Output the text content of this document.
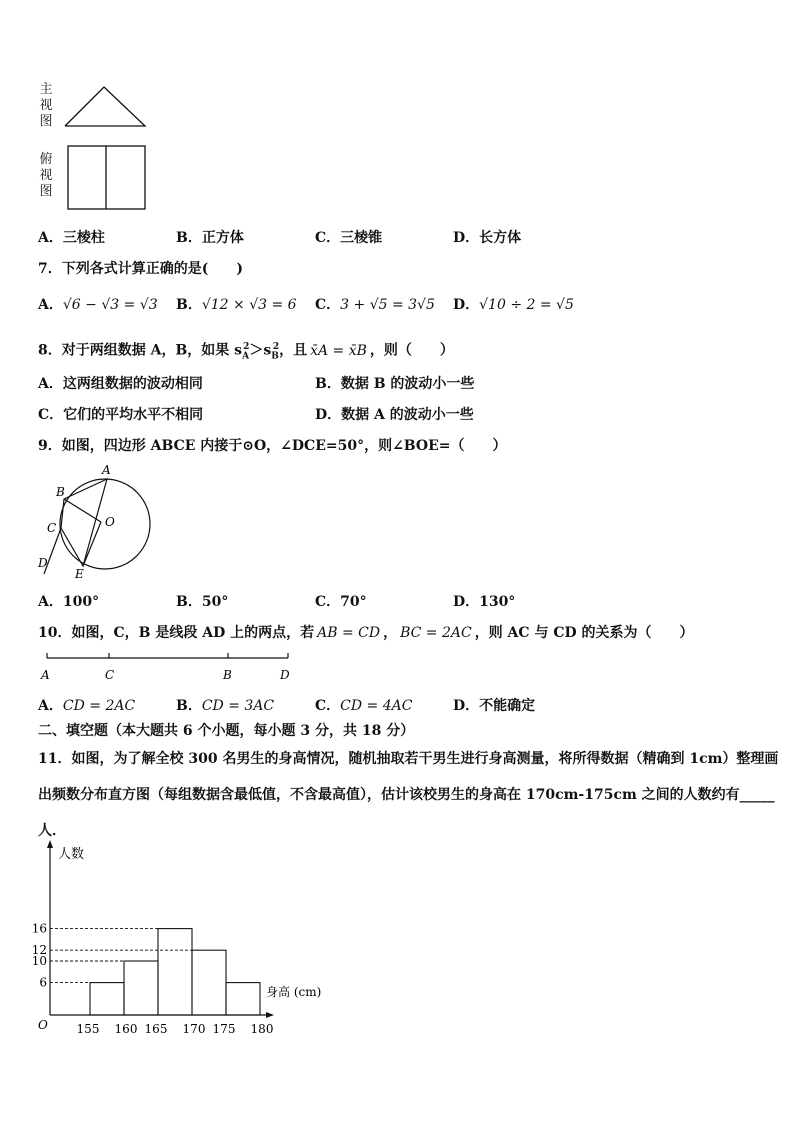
主
视
图
俯
视
图
A．三棱柱	B．正方体	C．三棱锥	D．长方体
7．下列各式计算正确的是(　　)
A．√6 − √3 = √3 B．√12 × √3 = 6 C．3 + √5 = 3√5 D．√10 ÷ 2 = √5
8．对于两组数据 A，B，如果 $s_A^2>s_B^2$，且 x̄A = x̄B ，则（　　）
A．这两组数据的波动相同	B．数据 B 的波动小一些
C．它们的平均水平不相同	D．数据 A 的波动小一些
9．如图，四边形 ABCE 内接于⊙O，∠DCE=50°，则∠BOE=（　　）
A
B
C
D
E
O
A．100°	B．50°	C．70°	D．130°
10．如图，C，B 是线段 AD 上的两点，若 AB = CD ， BC = 2AC ，则 AC 与 CD 的关系为（　　）
A	C	B	D
A．CD = 2AC	B．CD = 3AC	C．CD = 4AC	D．不能确定
二、填空题（本大题共 6 个小题，每小题 3 分，共 18 分）
11．如图，为了解全校 300 名男生的身高情况，随机抽取若干男生进行身高测量，将所得数据（精确到 1cm）整理画
出频数分布直方图（每组数据含最低值，不含最高值），估计该校男生的身高在 170cm-175cm 之间的人数约有_____
人．
6
10
12
16
155 160 165 170 175 180
O
人数
身高 (cm)
